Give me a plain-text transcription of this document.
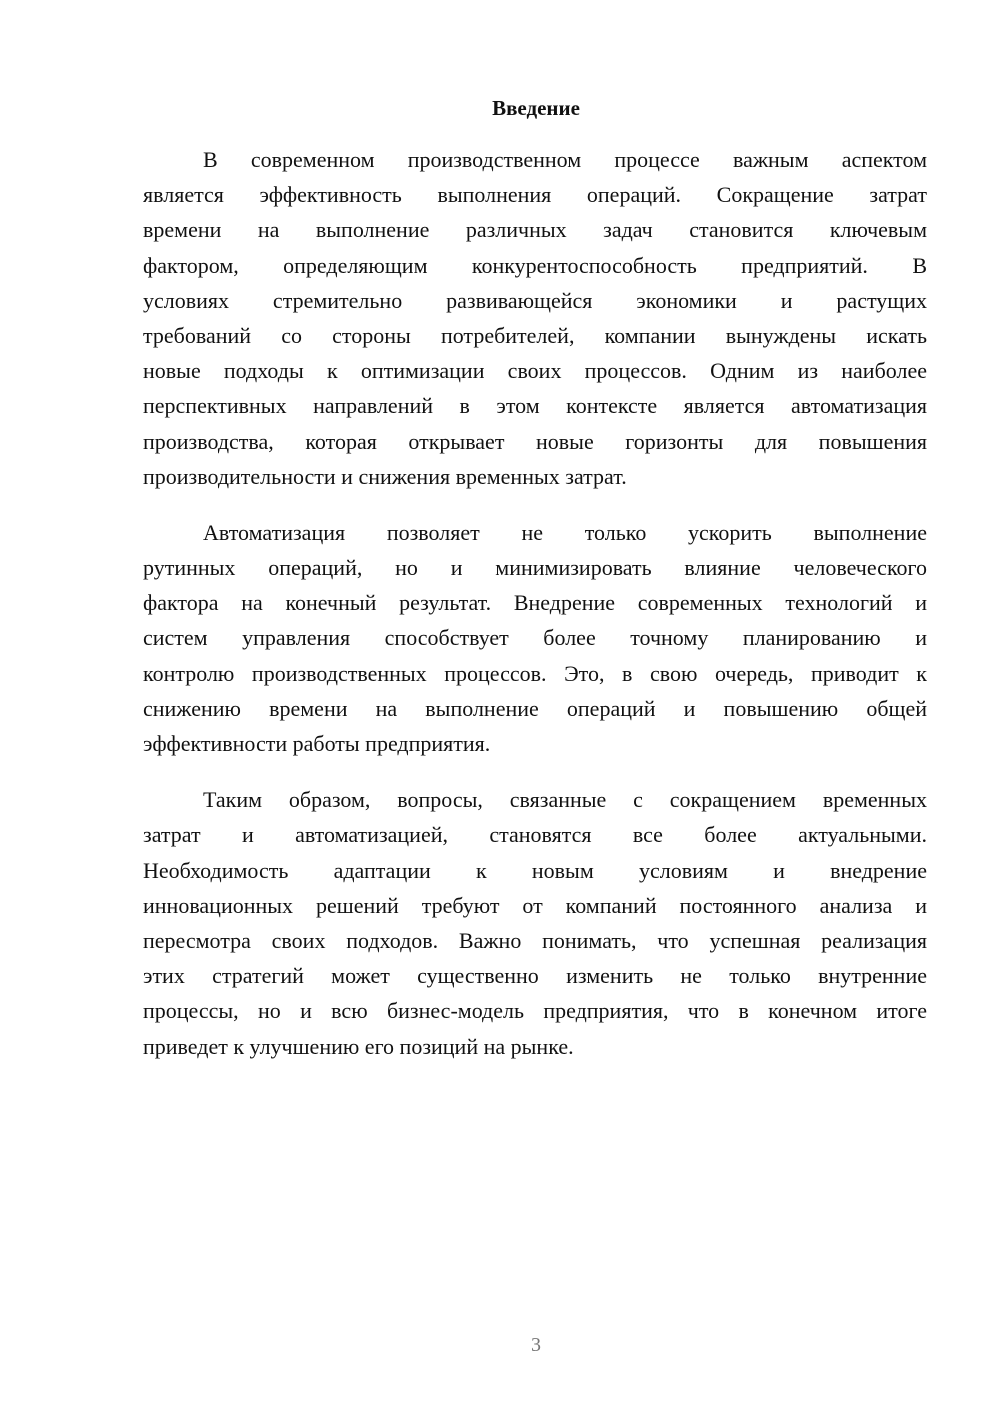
Введение
В современном производственном процессе важным аспектом
является эффективность выполнения операций. Сокращение затрат
времени на выполнение различных задач становится ключевым
фактором, определяющим конкурентоспособность предприятий. В
условиях стремительно развивающейся экономики и растущих
требований со стороны потребителей, компании вынуждены искать
новые подходы к оптимизации своих процессов. Одним из наиболее
перспективных направлений в этом контексте является автоматизация
производства, которая открывает новые горизонты для повышения
производительности и снижения временных затрат.
Автоматизация позволяет не только ускорить выполнение
рутинных операций, но и минимизировать влияние человеческого
фактора на конечный результат. Внедрение современных технологий и
систем управления способствует более точному планированию и
контролю производственных процессов. Это, в свою очередь, приводит к
снижению времени на выполнение операций и повышению общей
эффективности работы предприятия.
Таким образом, вопросы, связанные с сокращением временных
затрат и автоматизацией, становятся все более актуальными.
Необходимость адаптации к новым условиям и внедрение
инновационных решений требуют от компаний постоянного анализа и
пересмотра своих подходов. Важно понимать, что успешная реализация
этих стратегий может существенно изменить не только внутренние
процессы, но и всю бизнес-модель предприятия, что в конечном итоге
приведет к улучшению его позиций на рынке.
3
